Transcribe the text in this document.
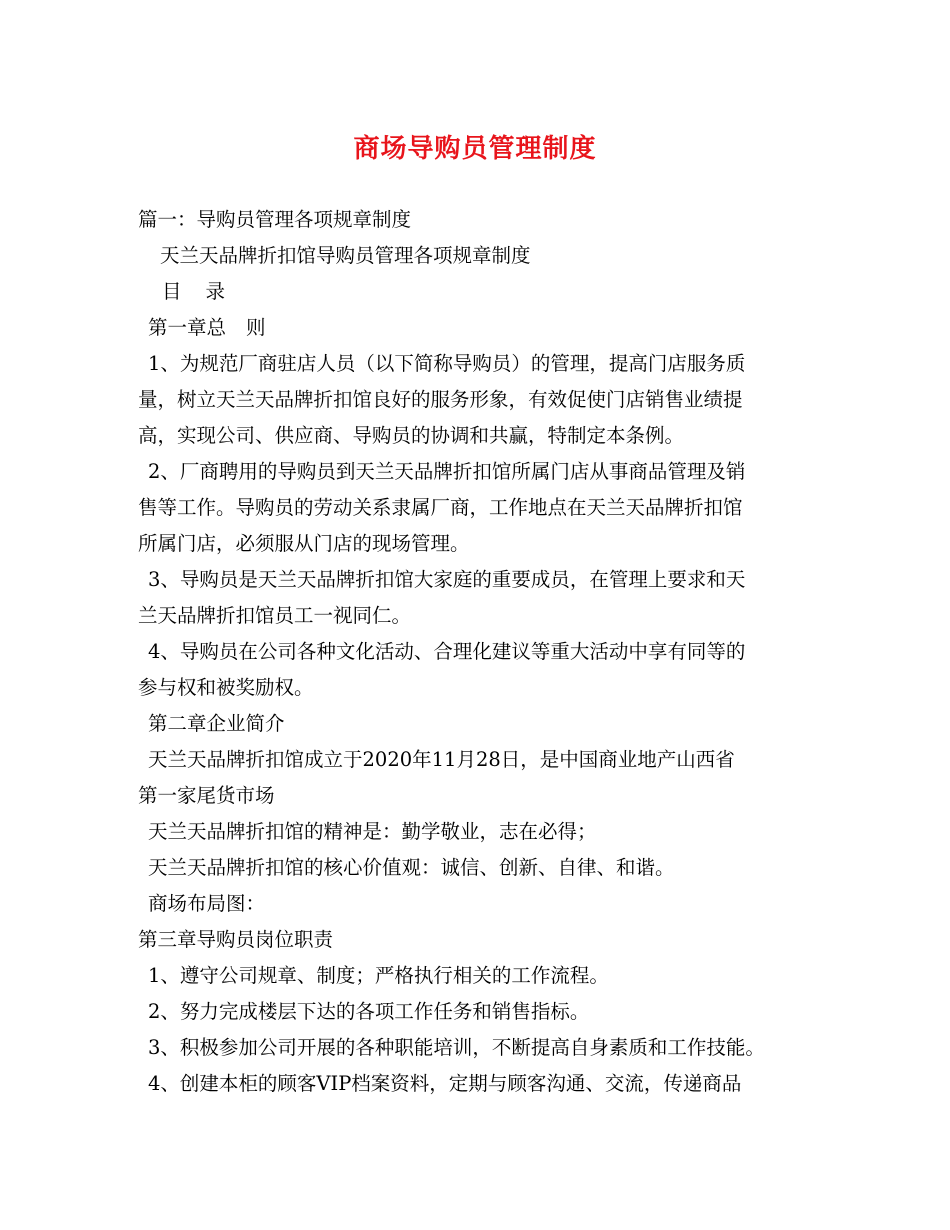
商场导购员管理制度
篇一：导购员管理各项规章制度
天兰天品牌折扣馆导购员管理各项规章制度
目 录
第一章总 则
1、为规范厂商驻店人员（以下简称导购员）的管理，提高门店服务质
量，树立天兰天品牌折扣馆良好的服务形象，有效促使门店销售业绩提
高，实现公司、供应商、导购员的协调和共赢，特制定本条例。
2、厂商聘用的导购员到天兰天品牌折扣馆所属门店从事商品管理及销
售等工作。导购员的劳动关系隶属厂商，工作地点在天兰天品牌折扣馆
所属门店，必须服从门店的现场管理。
3、导购员是天兰天品牌折扣馆大家庭的重要成员，在管理上要求和天
兰天品牌折扣馆员工一视同仁。
4、导购员在公司各种文化活动、合理化建议等重大活动中享有同等的
参与权和被奖励权。
第二章企业简介
天兰天品牌折扣馆成立于2020年11月28日，是中国商业地产山西省
第一家尾货市场
天兰天品牌折扣馆的精神是：勤学敬业，志在必得；
天兰天品牌折扣馆的核心价值观：诚信、创新、自律、和谐。
商场布局图：
第三章导购员岗位职责
1、遵守公司规章、制度；严格执行相关的工作流程。
2、努力完成楼层下达的各项工作任务和销售指标。
3、积极参加公司开展的各种职能培训，不断提高自身素质和工作技能。
4、创建本柜的顾客VIP档案资料，定期与顾客沟通、交流，传递商品
